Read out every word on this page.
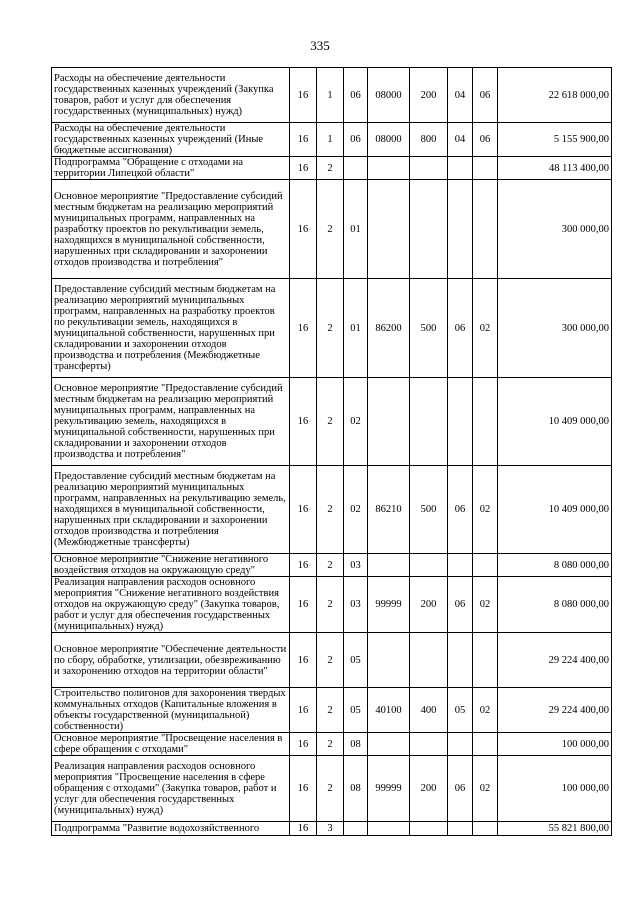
335
Расходы на обеспечение деятельности государственных казенных учреждений (Закупка товаров, работ и услуг для обеспечения государственных (муниципальных) нужд)	16	1	06	08000	200	04	06	22 618 000,00
Расходы на обеспечение деятельности государственных казенных учреждений (Иные бюджетные ассигнования)	16	1	06	08000	800	04	06	5 155 900,00
Подпрограмма "Обращение с отходами на территории Липецкой области"	16	2						48 113 400,00
Основное мероприятие "Предоставление субсидий местным бюджетам на реализацию мероприятий муниципальных программ, направленных на разработку проектов по рекультивации земель, находящихся в муниципальной собственности, нарушенных при складировании и захоронении отходов производства и потребления"	16	2	01					300 000,00
Предоставление субсидий местным бюджетам на реализацию мероприятий муниципальных программ, направленных на разработку проектов по рекультивации земель, находящихся в муниципальной собственности, нарушенных при складировании и захоронении отходов производства и потребления (Межбюджетные трансферты)	16	2	01	86200	500	06	02	300 000,00
Основное мероприятие "Предоставление субсидий местным бюджетам на реализацию мероприятий муниципальных программ, направленных на рекультивацию земель, находящихся в муниципальной собственности, нарушенных при складировании и захоронении отходов производства и потребления"	16	2	02					10 409 000,00
Предоставление субсидий местным бюджетам на реализацию мероприятий муниципальных программ, направленных на рекультивацию земель, находящихся в муниципальной собственности, нарушенных при складировании и захоронении отходов производства и потребления (Межбюджетные трансферты)	16	2	02	86210	500	06	02	10 409 000,00
Основное мероприятие "Снижение негативного воздействия отходов на окружающую среду"	16	2	03					8 080 000,00
Реализация направления расходов основного мероприятия "Снижение негативного воздействия отходов на окружающую среду" (Закупка товаров, работ и услуг для обеспечения государственных (муниципальных) нужд)	16	2	03	99999	200	06	02	8 080 000,00
Основное мероприятие "Обеспечение деятельности по сбору, обработке, утилизации, обезвреживанию и захоронению отходов на территории области"	16	2	05					29 224 400,00
Строительство полигонов для захоронения твердых коммунальных отходов (Капитальные вложения в объекты государственной (муниципальной) собственности)	16	2	05	40100	400	05	02	29 224 400,00
Основное мероприятие "Просвещение населения в сфере обращения с отходами"	16	2	08					100 000,00
Реализация направления расходов основного мероприятия "Просвещение населения в сфере обращения с отходами" (Закупка товаров, работ и услуг для обеспечения государственных (муниципальных) нужд)	16	2	08	99999	200	06	02	100 000,00
Подпрограмма "Развитие водохозяйственного	16	3						55 821 800,00
